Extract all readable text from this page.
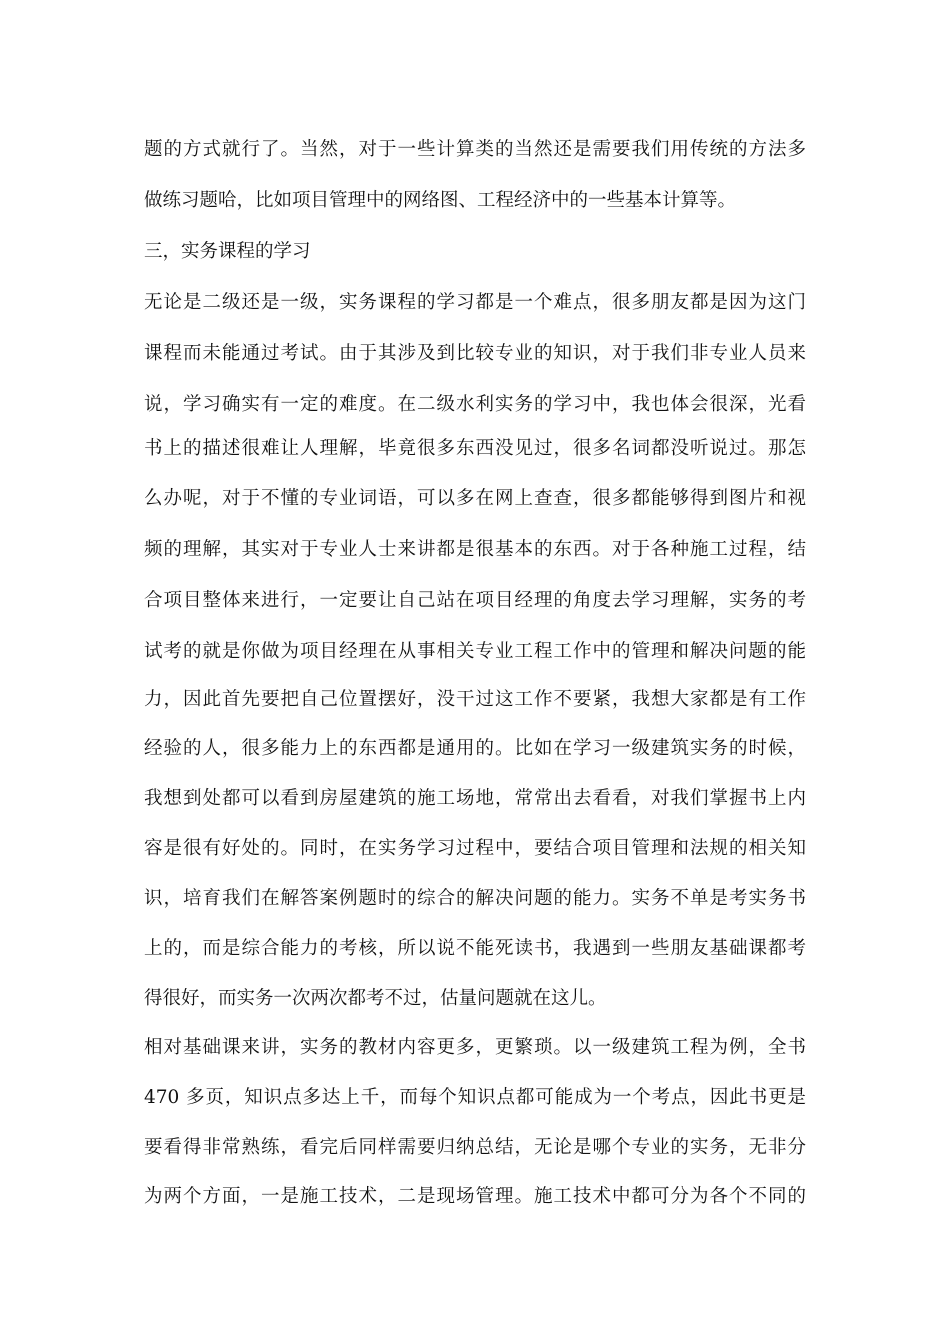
题的方式就行了。当然，对于一些计算类的当然还是需要我们用传统的方法多
做练习题哈，比如项目管理中的网络图、工程经济中的一些基本计算等。
三，实务课程的学习
无论是二级还是一级，实务课程的学习都是一个难点，很多朋友都是因为这门
课程而未能通过考试。由于其涉及到比较专业的知识，对于我们非专业人员来
说，学习确实有一定的难度。在二级水利实务的学习中，我也体会很深，光看
书上的描述很难让人理解，毕竟很多东西没见过，很多名词都没听说过。那怎
么办呢，对于不懂的专业词语，可以多在网上查查，很多都能够得到图片和视
频的理解，其实对于专业人士来讲都是很基本的东西。对于各种施工过程，结
合项目整体来进行，一定要让自己站在项目经理的角度去学习理解，实务的考
试考的就是你做为项目经理在从事相关专业工程工作中的管理和解决问题的能
力，因此首先要把自己位置摆好，没干过这工作不要紧，我想大家都是有工作
经验的人，很多能力上的东西都是通用的。比如在学习一级建筑实务的时候，
我想到处都可以看到房屋建筑的施工场地，常常出去看看，对我们掌握书上内
容是很有好处的。同时，在实务学习过程中，要结合项目管理和法规的相关知
识，培育我们在解答案例题时的综合的解决问题的能力。实务不单是考实务书
上的，而是综合能力的考核，所以说不能死读书，我遇到一些朋友基础课都考
得很好，而实务一次两次都考不过，估量问题就在这儿。
相对基础课来讲，实务的教材内容更多，更繁琐。以一级建筑工程为例，全书
470 多页，知识点多达上千，而每个知识点都可能成为一个考点，因此书更是
要看得非常熟练，看完后同样需要归纳总结，无论是哪个专业的实务，无非分
为两个方面，一是施工技术，二是现场管理。施工技术中都可分为各个不同的
